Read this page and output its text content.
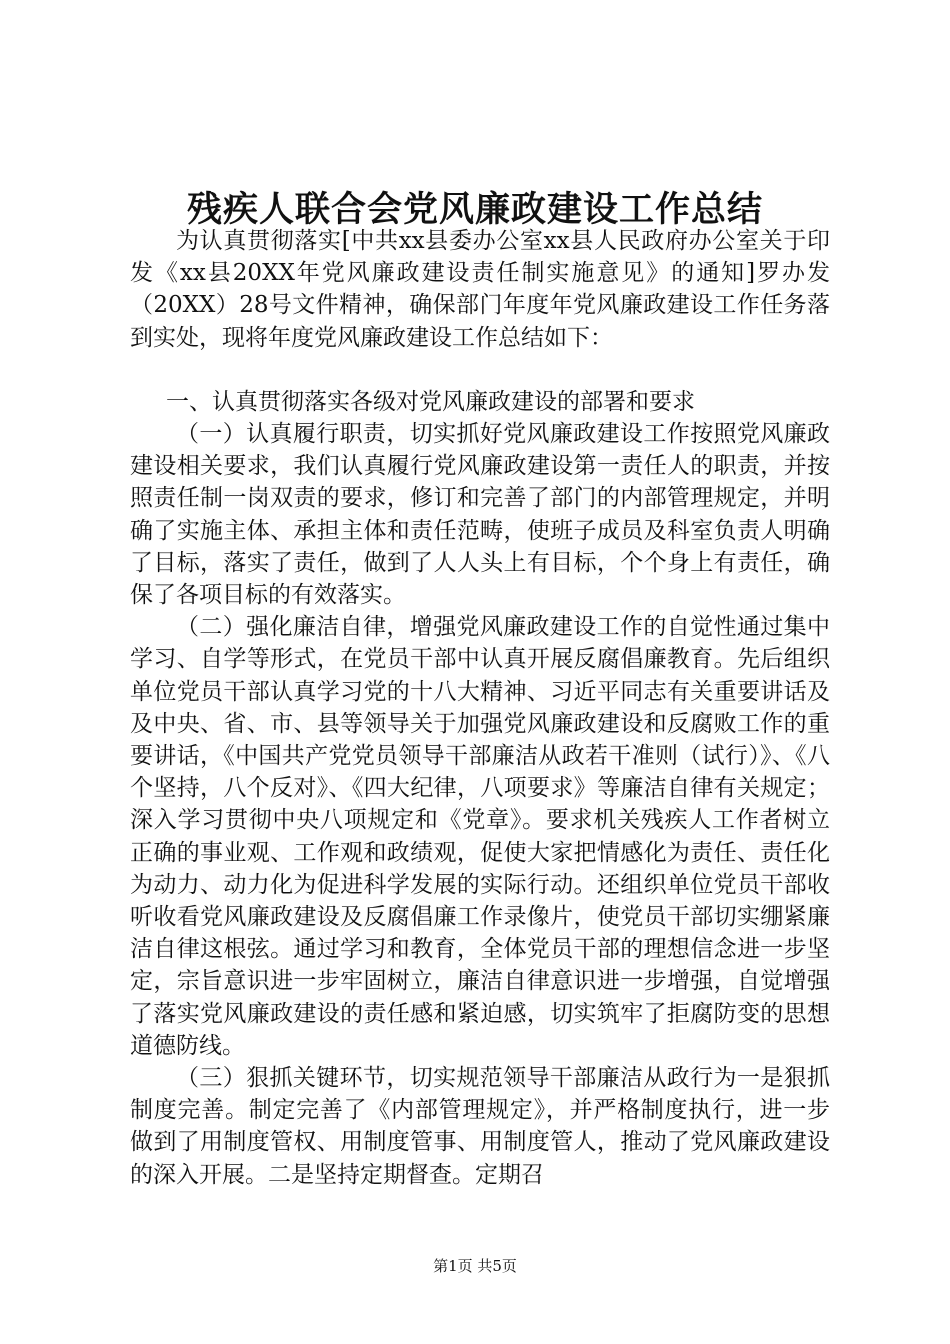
残疾人联合会党风廉政建设工作总结

为认真贯彻落实[中共xx县委办公室xx县人民政府办公室关于印发《xx县20XX年党风廉政建设责任制实施意见》的通知]罗办发（20XX）28号文件精神，确保部门年度年党风廉政建设工作任务落到实处，现将年度党风廉政建设工作总结如下：

一、认真贯彻落实各级对党风廉政建设的部署和要求

（一）认真履行职责，切实抓好党风廉政建设工作按照党风廉政建设相关要求，我们认真履行党风廉政建设第一责任人的职责，并按照责任制一岗双责的要求，修订和完善了部门的内部管理规定，并明确了实施主体、承担主体和责任范畴，使班子成员及科室负责人明确了目标，落实了责任，做到了人人头上有目标，个个身上有责任，确保了各项目标的有效落实。

（二）强化廉洁自律，增强党风廉政建设工作的自觉性通过集中学习、自学等形式，在党员干部中认真开展反腐倡廉教育。先后组织单位党员干部认真学习党的十八大精神、习近平同志有关重要讲话及及中央、省、市、县等领导关于加强党风廉政建设和反腐败工作的重要讲话，《中国共产党党员领导干部廉洁从政若干准则（试行）》、《八个坚持，八个反对》、《四大纪律，八项要求》等廉洁自律有关规定；深入学习贯彻中央八项规定和《党章》。要求机关残疾人工作者树立正确的事业观、工作观和政绩观，促使大家把情感化为责任、责任化为动力、动力化为促进科学发展的实际行动。还组织单位党员干部收听收看党风廉政建设及反腐倡廉工作录像片，使党员干部切实绷紧廉洁自律这根弦。通过学习和教育，全体党员干部的理想信念进一步坚定，宗旨意识进一步牢固树立，廉洁自律意识进一步增强，自觉增强了落实党风廉政建设的责任感和紧迫感，切实筑牢了拒腐防变的思想道德防线。

（三）狠抓关键环节，切实规范领导干部廉洁从政行为一是狠抓制度完善。制定完善了《内部管理规定》，并严格制度执行，进一步做到了用制度管权、用制度管事、用制度管人，推动了党风廉政建设的深入开展。二是坚持定期督查。定期召

第1页 共5页
